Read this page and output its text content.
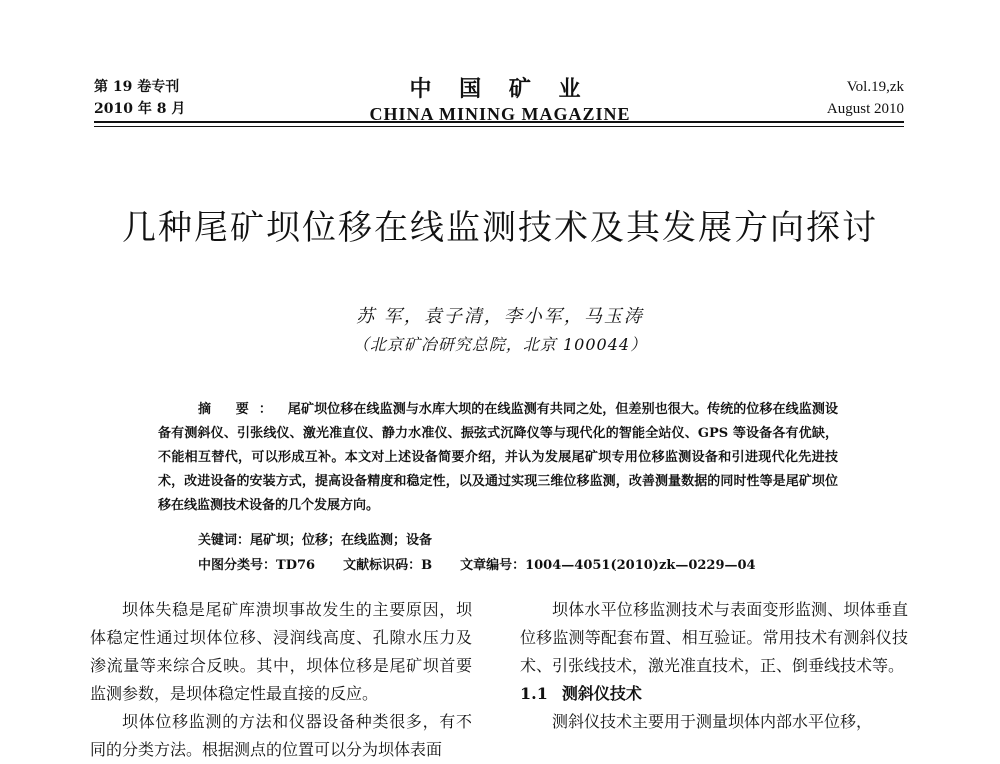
第 19 卷专刊
2010 年 8 月
中 国 矿 业
CHINA MINING MAGAZINE
Vol.19,zk
August 2010
几种尾矿坝位移在线监测技术及其发展方向探讨
苏 军，袁子清，李小军，马玉涛
（北京矿冶研究总院，北京 100044）
摘 要： 尾矿坝位移在线监测与水库大坝的在线监测有共同之处，但差别也很大。传统的位移在线监测设备有测斜仪、引张线仪、激光准直仪、静力水准仪、振弦式沉降仪等与现代化的智能全站仪、GPS 等设备各有优缺，不能相互替代，可以形成互补。本文对上述设备简要介绍，并认为发展尾矿坝专用位移监测设备和引进现代化先进技术，改进设备的安装方式，提高设备精度和稳定性，以及通过实现三维位移监测，改善测量数据的同时性等是尾矿坝位移在线监测技术设备的几个发展方向。
关键词：尾矿坝；位移；在线监测；设备
中图分类号：TD76 文献标识码：B 文章编号：1004—4051(2010)zk—0229—04

坝体失稳是尾矿库溃坝事故发生的主要原因，坝体稳定性通过坝体位移、浸润线高度、孔隙水压力及渗流量等来综合反映。其中，坝体位移是尾矿坝首要监测参数，是坝体稳定性最直接的反应。

坝体位移监测的方法和仪器设备种类很多，有不同的分类方法。根据测点的位置可以分为坝体表面

坝体水平位移监测技术与表面变形监测、坝体垂直位移监测等配套布置、相互验证。常用技术有测斜仪技术、引张线技术，激光准直技术，正、倒垂线技术等。

1.1 测斜仪技术

测斜仪技术主要用于测量坝体内部水平位移，
